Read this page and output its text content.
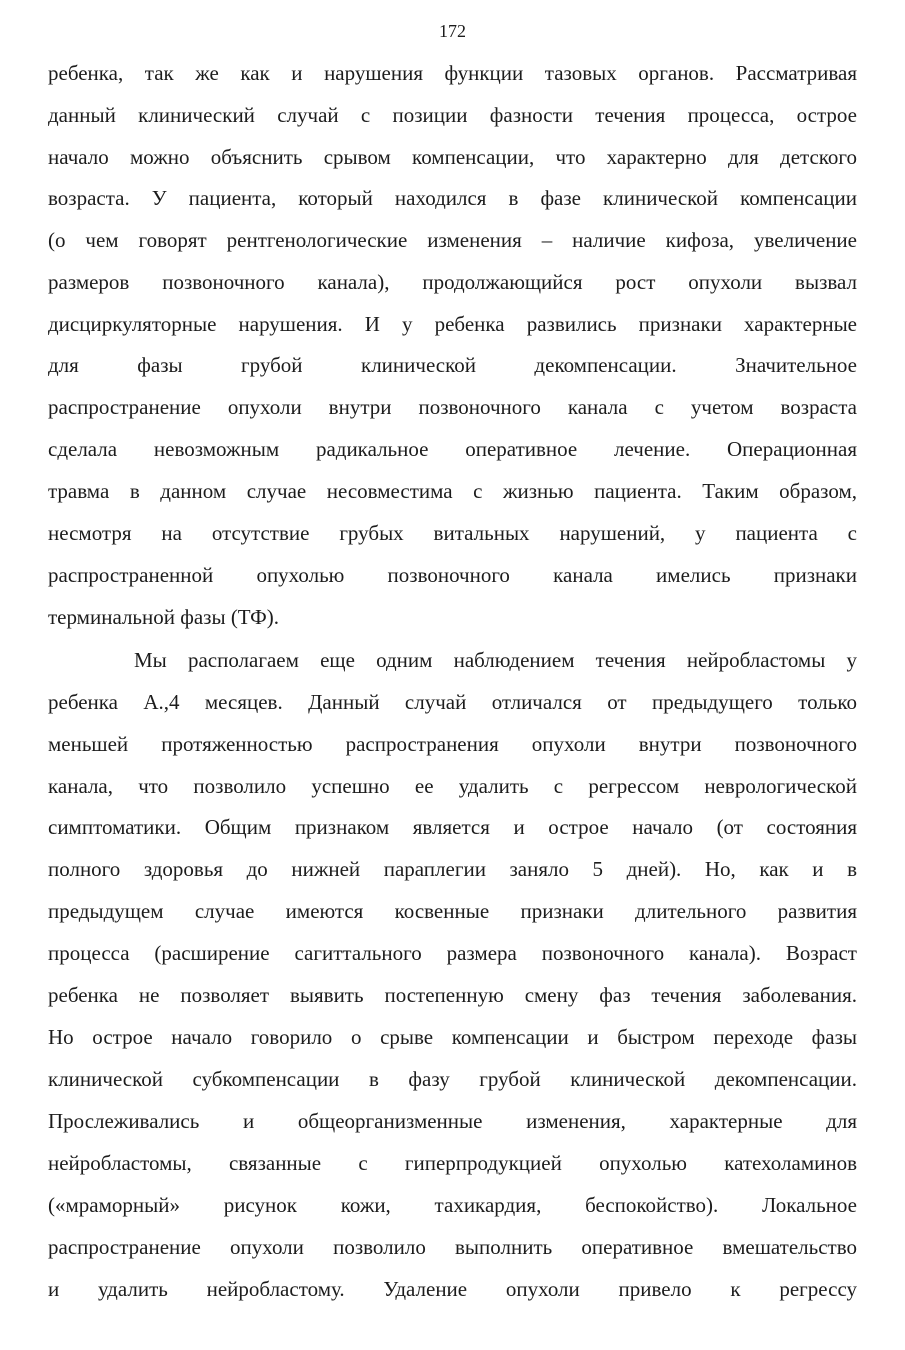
172
ребенка, так же как и нарушения функции тазовых органов. Рассматривая
данный клинический случай с позиции фазности течения процесса, острое
начало можно объяснить срывом компенсации, что характерно для детского
возраста. У пациента, который находился в фазе клинической компенсации
(о чем говорят рентгенологические изменения – наличие кифоза, увеличение
размеров позвоночного канала), продолжающийся рост опухоли вызвал
дисциркуляторные нарушения. И у ребенка развились признаки характерные
для фазы грубой клинической декомпенсации. Значительное
распространение опухоли внутри позвоночного канала с учетом возраста
сделала невозможным радикальное оперативное лечение. Операционная
травма в данном случае несовместима с жизнью пациента. Таким образом,
несмотря на отсутствие грубых витальных нарушений, у пациента с
распространенной опухолью позвоночного канала имелись признаки
терминальной фазы (ТФ).
Мы располагаем еще одним наблюдением течения нейробластомы у
ребенка А.,4 месяцев. Данный случай отличался от предыдущего только
меньшей протяженностью распространения опухоли внутри позвоночного
канала, что позволило успешно ее удалить с регрессом неврологической
симптоматики. Общим признаком является и острое начало (от состояния
полного здоровья до нижней параплегии заняло 5 дней). Но, как и в
предыдущем случае имеются косвенные признаки длительного развития
процесса (расширение сагиттального размера позвоночного канала). Возраст
ребенка не позволяет выявить постепенную смену фаз течения заболевания.
Но острое начало говорило о срыве компенсации и быстром переходе фазы
клинической субкомпенсации в фазу грубой клинической декомпенсации.
Прослеживались и общеорганизменные изменения, характерные для
нейробластомы, связанные с гиперпродукцией опухолью катехоламинов
(«мраморный» рисунок кожи, тахикардия, беспокойство). Локальное
распространение опухоли позволило выполнить оперативное вмешательство
и удалить нейробластому. Удаление опухоли привело к регрессу
